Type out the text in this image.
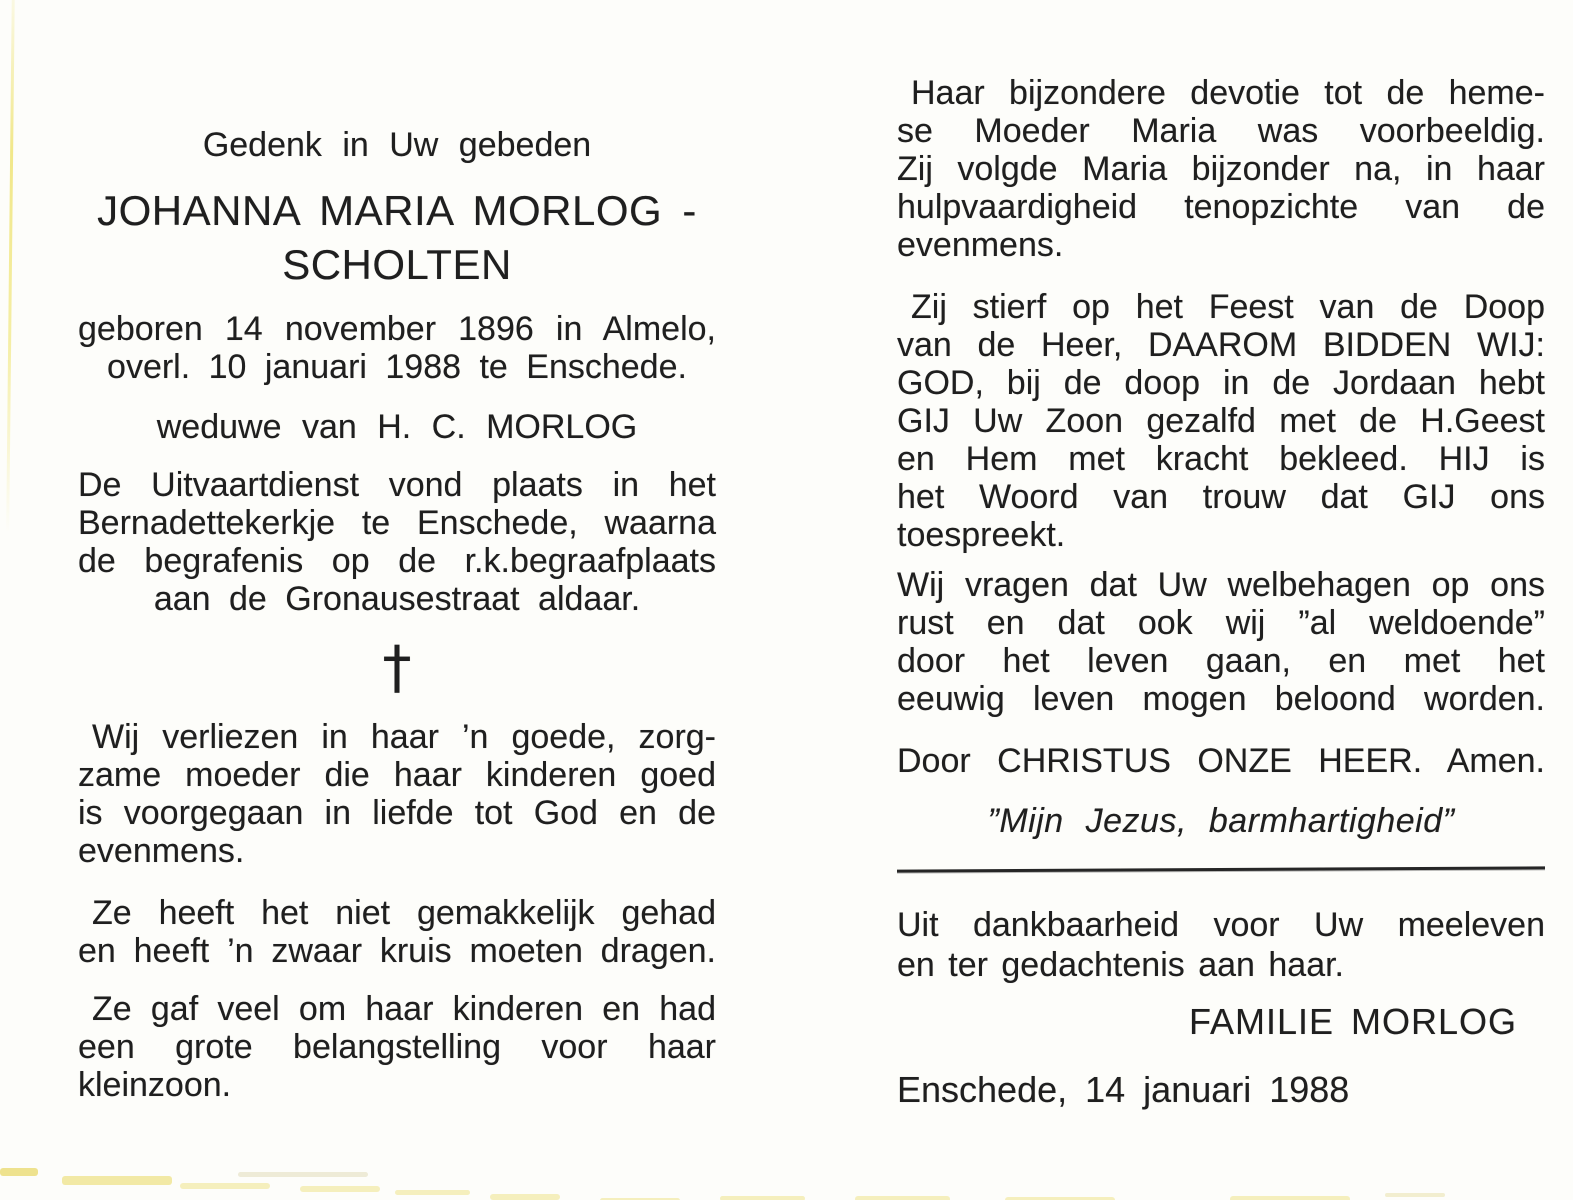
Gedenk in Uw gebeden
JOHANNA MARIA MORLOG -
SCHOLTEN
geboren 14 november 1896 in Almelo,
overl. 10 januari 1988 te Enschede.
weduwe van H. C. MORLOG
De Uitvaartdienst vond plaats in het
Bernadettekerkje te Enschede, waarna
de begrafenis op de r.k.begraafplaats
aan de Gronausestraat aldaar.
†
Wij verliezen in haar ’n goede, zorg-
zame moeder die haar kinderen goed
is voorgegaan in liefde tot God en de
evenmens.
Ze heeft het niet gemakkelijk gehad
en heeft ’n zwaar kruis moeten dragen.
Ze gaf veel om haar kinderen en had
een grote belangstelling voor haar
kleinzoon.
Haar bijzondere devotie tot de heme-
se Moeder Maria was voorbeeldig.
Zij volgde Maria bijzonder na, in haar
hulpvaardigheid tenopzichte van de
evenmens.
Zij stierf op het Feest van de Doop
van de Heer, DAAROM BIDDEN WIJ:
GOD, bij de doop in de Jordaan hebt
GIJ Uw Zoon gezalfd met de H.Geest
en Hem met kracht bekleed. HIJ is
het Woord van trouw dat GIJ ons
toespreekt.
Wij vragen dat Uw welbehagen op ons
rust en dat ook wij ”al weldoende”
door het leven gaan, en met het
eeuwig leven mogen beloond worden.
Door CHRISTUS ONZE HEER. Amen.
”Mijn Jezus, barmhartigheid”
Uit dankbaarheid voor Uw meeleven
en ter gedachtenis aan haar.
FAMILIE MORLOG
Enschede, 14 januari 1988
